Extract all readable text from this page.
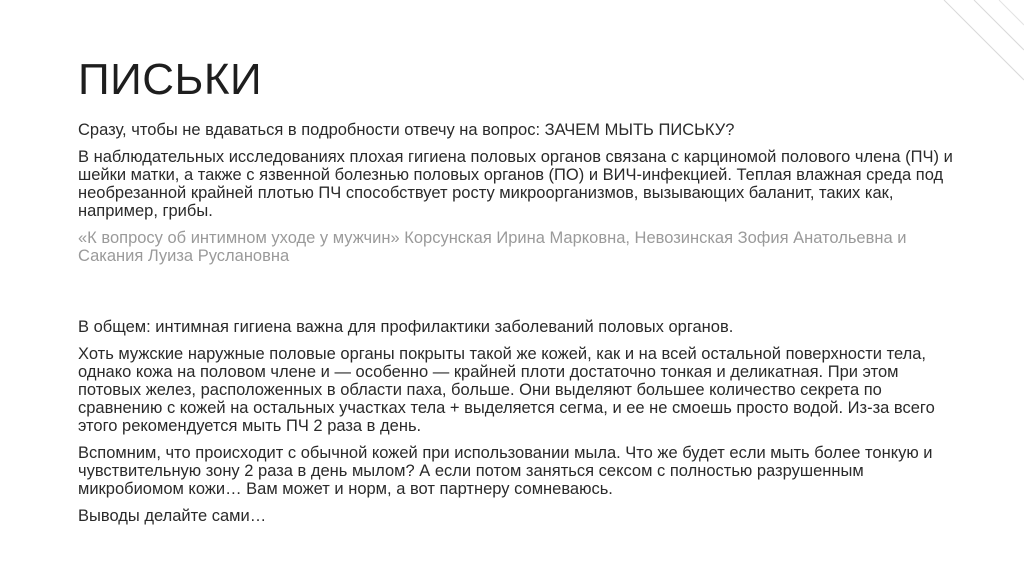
ПИСЬКИ

Сразу, чтобы не вдаваться в подробности отвечу на вопрос: ЗАЧЕМ МЫТЬ ПИСЬКУ?

В наблюдательных исследованиях плохая гигиена половых органов связана с карциномой полового члена (ПЧ) и шейки матки, а также с язвенной болезнью половых органов (ПО) и ВИЧ-инфекцией. Теплая влажная среда под необрезанной крайней плотью ПЧ способствует росту микроорганизмов, вызывающих баланит, таких как, например, грибы.

«К вопросу об интимном уходе у мужчин» Корсунская Ирина Марковна, Невозинская Зофия Анатольевна и Сакания Луиза Руслановна

В общем: интимная гигиена важна для профилактики заболеваний половых органов.

Хоть мужские наружные половые органы покрыты такой же кожей, как и на всей остальной поверхности тела, однако кожа на половом члене и — особенно — крайней плоти достаточно тонкая и деликатная. При этом потовых желез, расположенных в области паха, больше. Они выделяют большее количество секрета по сравнению с кожей на остальных участках тела + выделяется сегма, и ее не смоешь просто водой. Из-за всего этого рекомендуется мыть ПЧ 2 раза в день.

Вспомним, что происходит с обычной кожей при использовании мыла. Что же будет если мыть более тонкую и чувствительную зону 2 раза в день мылом? А если потом заняться сексом с полностью разрушенным микробиомом кожи… Вам может и норм, а вот партнеру сомневаюсь.

Выводы делайте сами…
